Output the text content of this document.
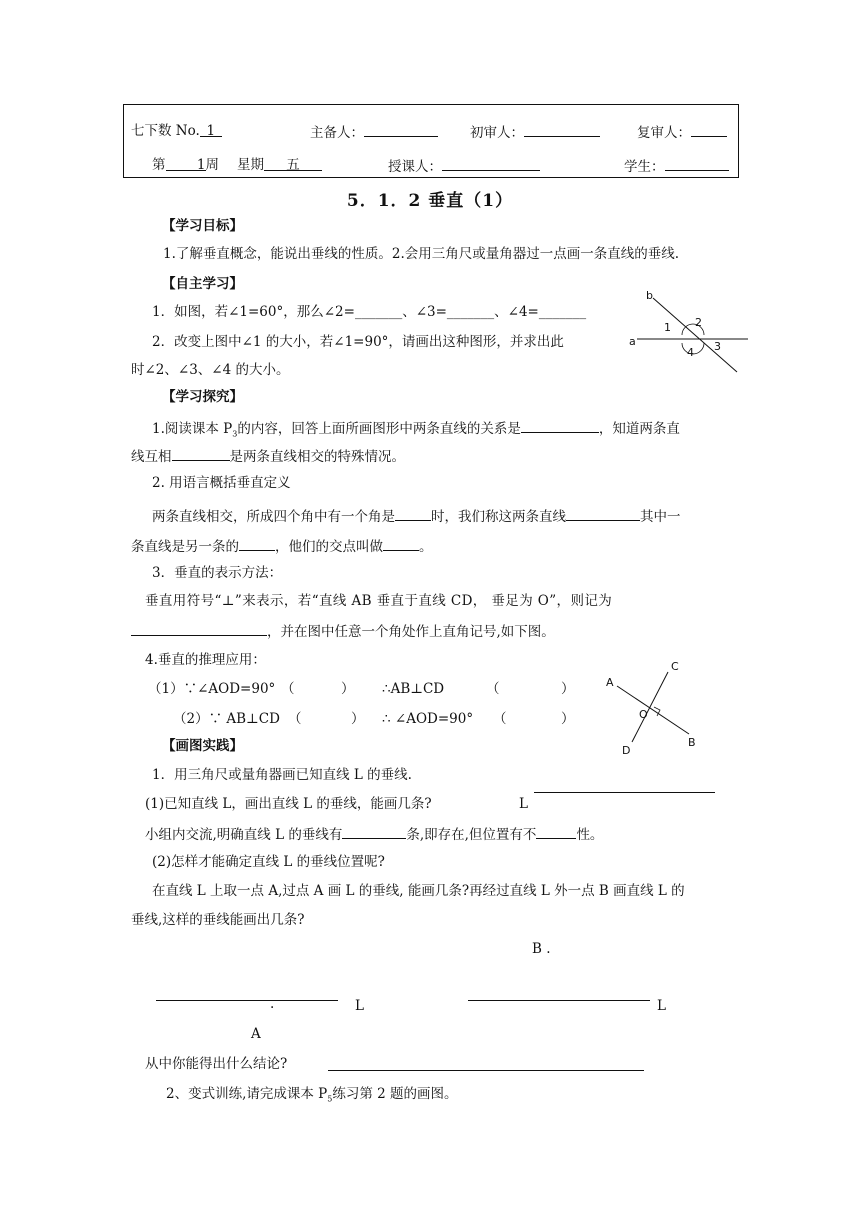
七下数 No. 1	主备人：	初审人：	复审人：
第 1周 星期 五	授课人：	学生：
5．1．2 垂直（1）
【学习目标】
1.了解垂直概念，能说出垂线的性质。2.会用三角尺或量角器过一点画一条直线的垂线.
【自主学习】
1．如图，若∠1=60°，那么∠2=_______、∠3=_______、∠4=_______
2．改变上图中∠1 的大小，若∠1=90°，请画出这种图形，并求出此
时∠2、∠3、∠4 的大小。
b
1 2
a
4 3
【学习探究】
1.阅读课本 $P_3$的内容，回答上面所画图形中两条直线的关系是	，知道两条直
线互相	是两条直线相交的特殊情况。
2. 用语言概括垂直定义
两条直线相交，所成四个角中有一个角是	时，我们称这两条直线	其中一
条直线是另一条的	，他们的交点叫做	。
3．垂直的表示方法：
垂直用符号“⊥”来表示，若“直线 AB 垂直于直线 CD， 垂足为 O”，则记为
，并在图中任意一个角处作上直角记号,如下图。
4.垂直的推理应用：
（1）∵∠AOD=90° （	） ∴AB⊥CD	（	）
（2）∵ AB⊥CD （	） ∴ ∠AOD=90° （	）
A
C
O
D
B
【画图实践】
1．用三角尺或量角器画已知直线 L 的垂线.
(1)已知直线 L，画出直线 L 的垂线，能画几条?	L
小组内交流,明确直线 L 的垂线有	条,即存在,但位置有不	性。
(2)怎样才能确定直线 L 的垂线位置呢?
在直线 L 上取一点 A,过点 A 画 L 的垂线, 能画几条?再经过直线 L 外一点 B 画直线 L 的
垂线,这样的垂线能画出几条?
B .
.	L	L
A
从中你能得出什么结论?
2、变式训练,请完成课本 $P_5$练习第 2 题的画图。
